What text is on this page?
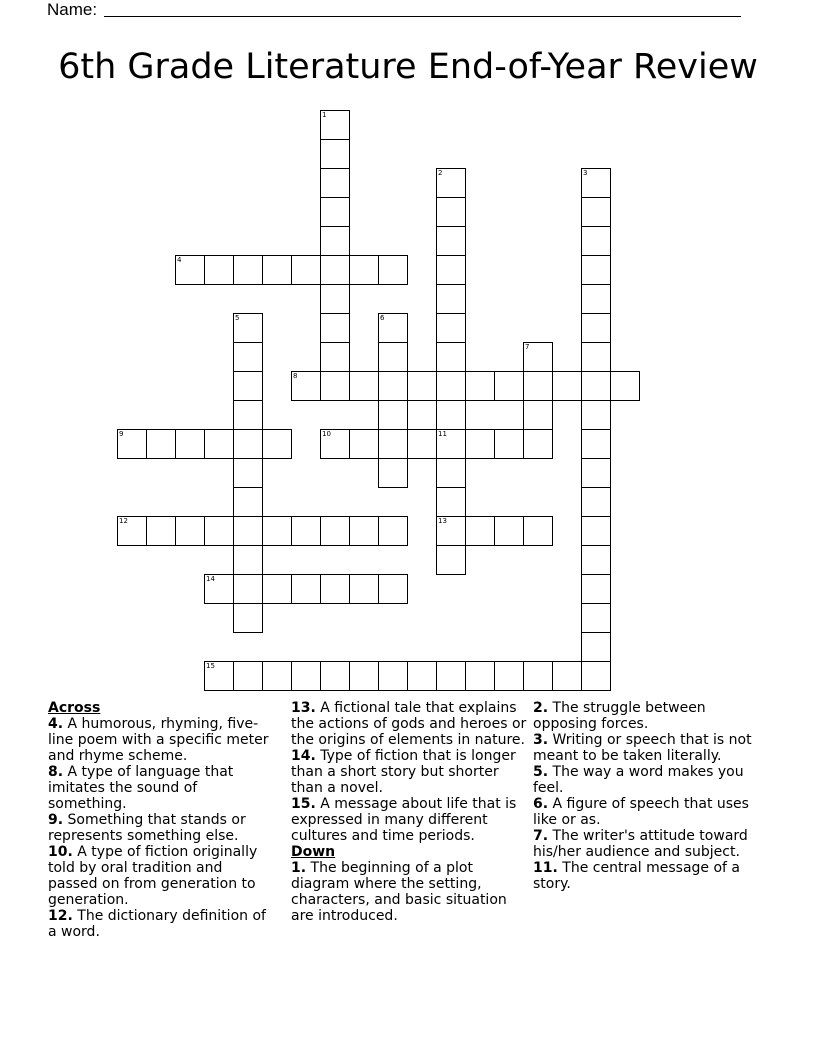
Name:
6th Grade Literature End-of-Year Review
4
8
9	10	11
12	13
14
15
1
2	3
5	6
7
Across
4. A humorous, rhyming, five-line poem with a specific meter and rhyme scheme.
8. A type of language that imitates the sound of something.
9. Something that stands or represents something else.
10. A type of fiction originally told by oral tradition and passed on from generation to generation.
12. The dictionary definition of a word.
13. A fictional tale that explains the actions of gods and heroes or the origins of elements in nature.
14. Type of fiction that is longer than a short story but shorter than a novel.
15. A message about life that is expressed in many different cultures and time periods.
Down
1. The beginning of a plot diagram where the setting, characters, and basic situation are introduced.
2. The struggle between opposing forces.
3. Writing or speech that is not meant to be taken literally.
5. The way a word makes you feel.
6. A figure of speech that uses like or as.
7. The writer's attitude toward his/her audience and subject.
11. The central message of a story.
